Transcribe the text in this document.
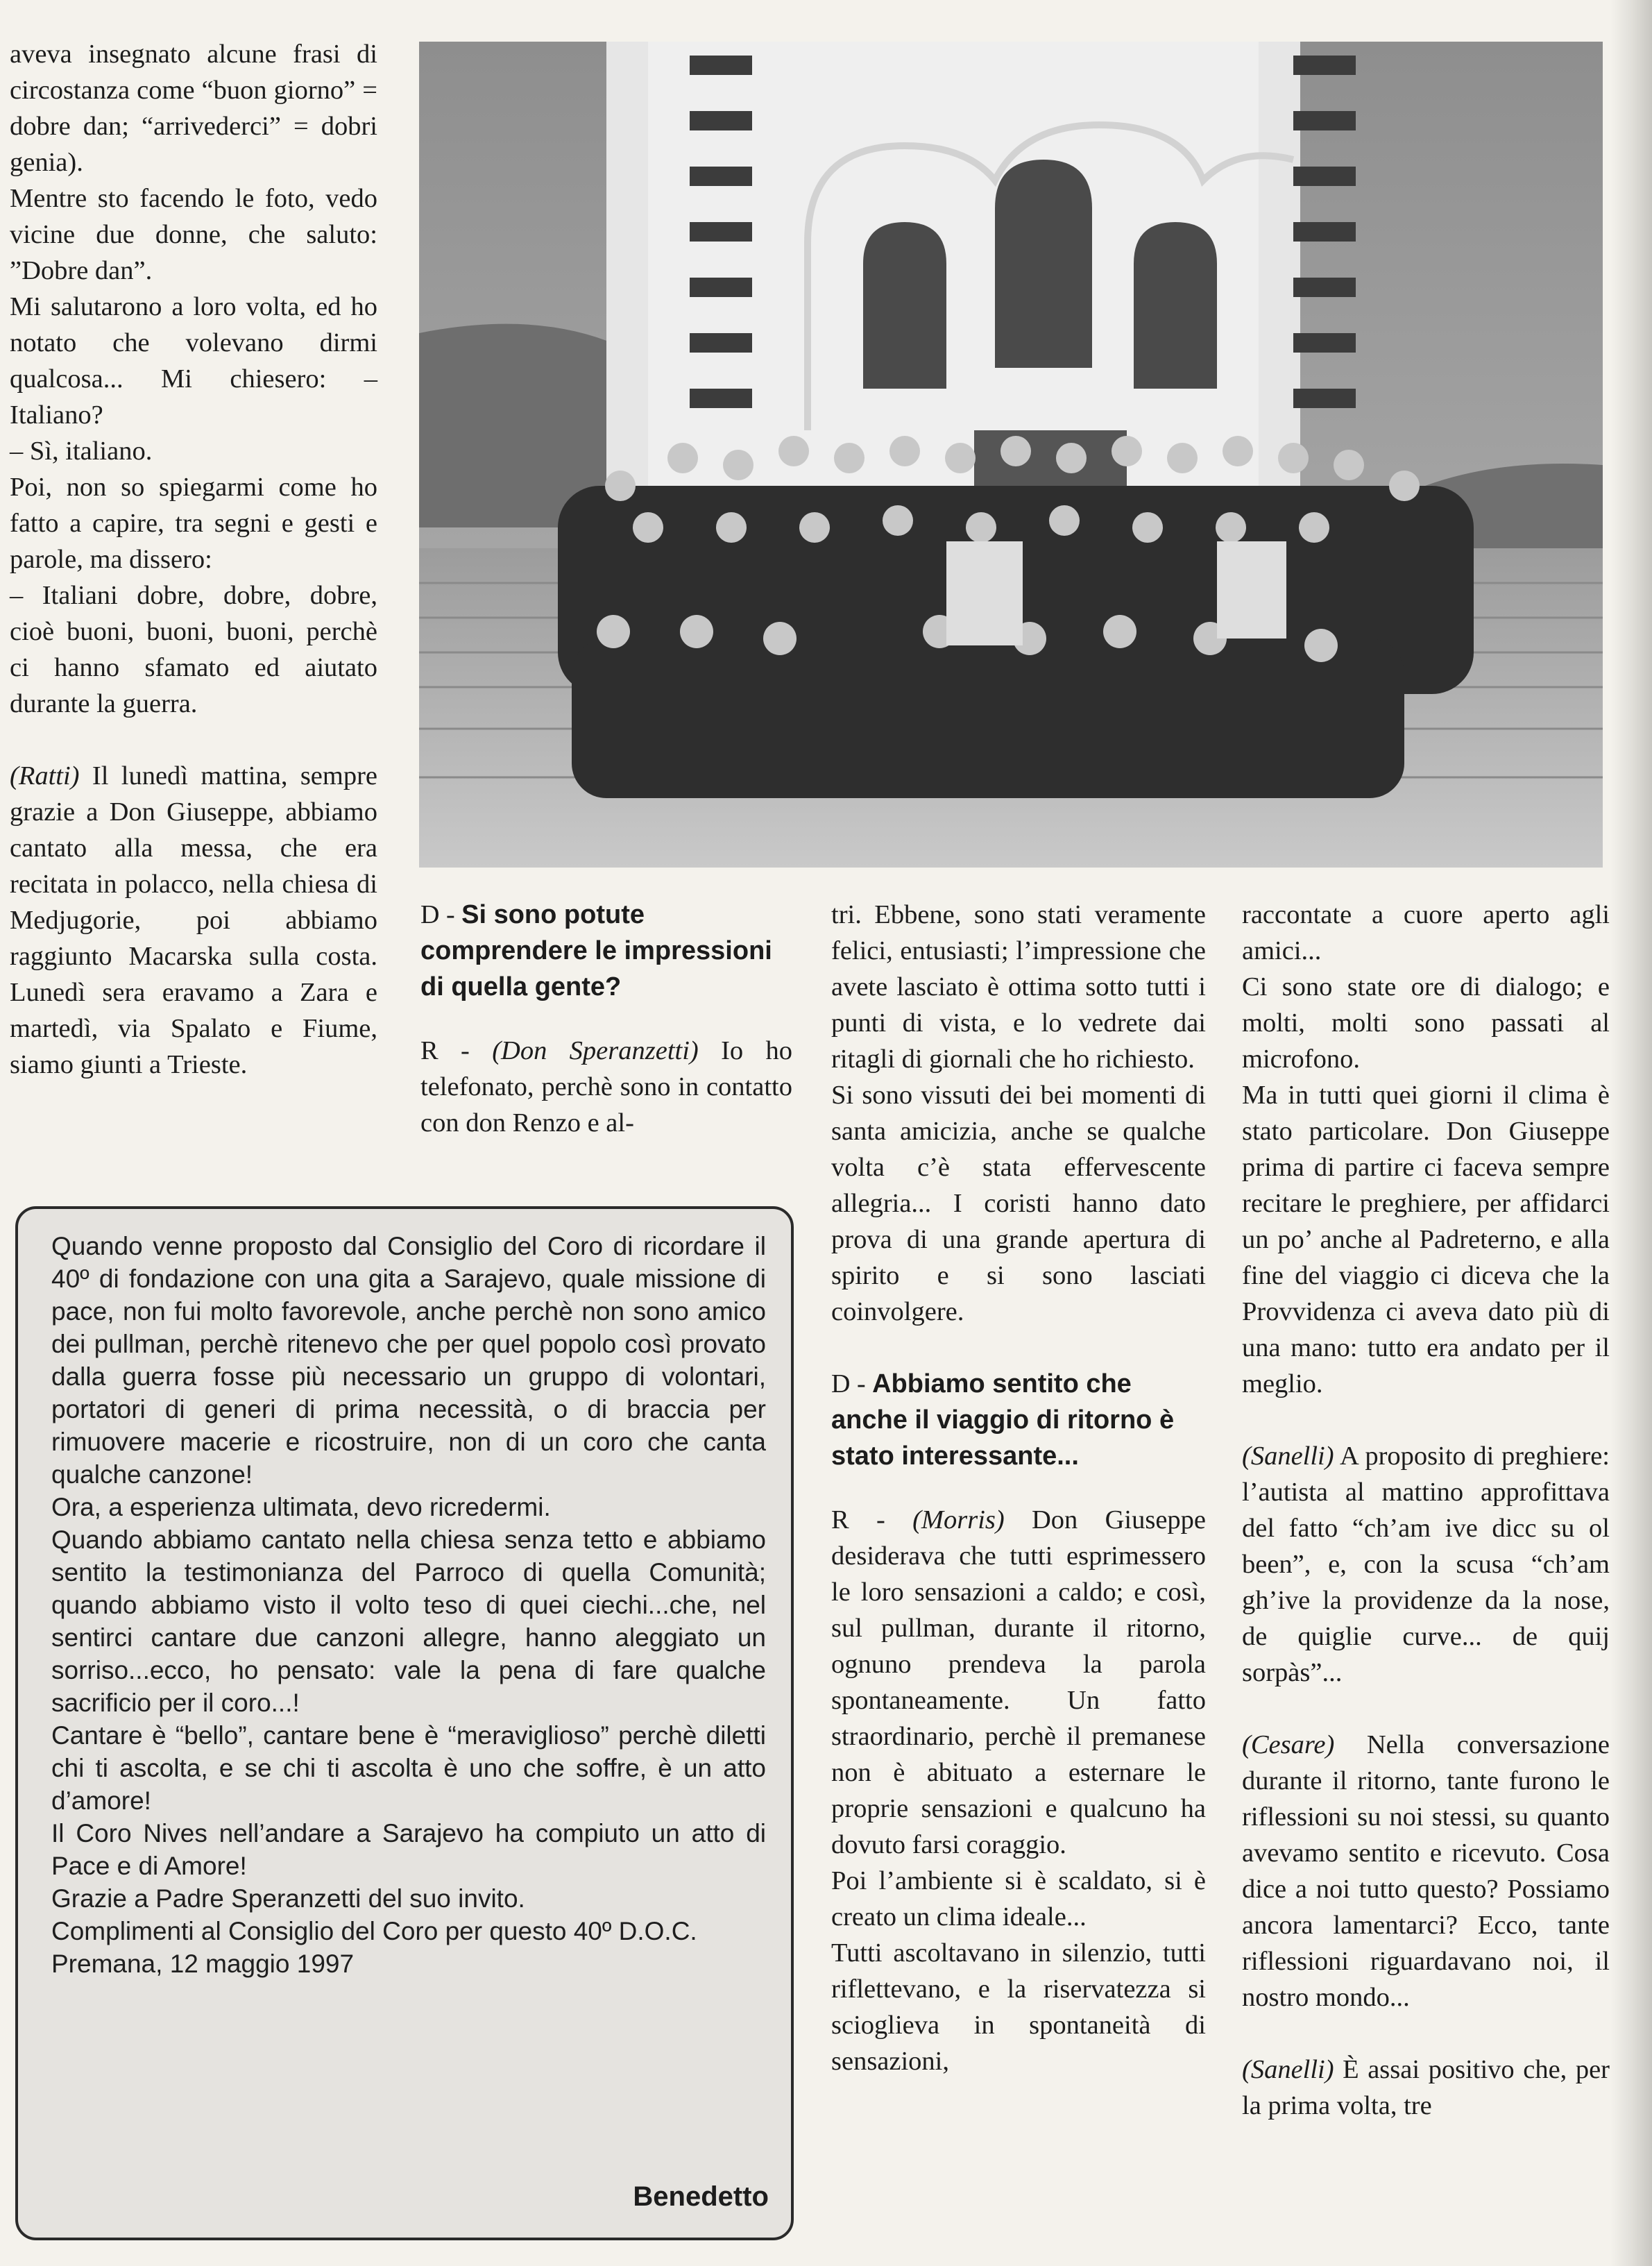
aveva insegnato alcune frasi di circostanza come “buon giorno” = dobre dan; “arrivederci” = dobri genia).

Mentre sto facendo le foto, vedo vicine due donne, che saluto: ”Dobre dan”.

Mi salutarono a loro volta, ed ho notato che volevano dirmi qualcosa... Mi chiesero: – Italiano?

– Sì, italiano.

Poi, non so spiegarmi come ho fatto a capire, tra segni e gesti e parole, ma dissero:

– Italiani dobre, dobre, dobre, cioè buoni, buoni, buoni, perchè ci hanno sfamato ed aiutato durante la guerra.

(Ratti) Il lunedì mattina, sempre grazie a Don Giuseppe, abbiamo cantato alla messa, che era recitata in polacco, nella chiesa di Medjugorie, poi abbiamo raggiunto Macarska sulla costa. Lunedì sera eravamo a Zara e martedì, via Spalato e Fiume, siamo giunti a Trieste.

D - Si sono potute comprendere le impressioni di quella gente?

R - (Don Speranzetti) Io ho telefonato, perchè sono in contatto con don Renzo e al-

tri. Ebbene, sono stati veramente felici, entusiasti; l’impressione che avete lasciato è ottima sotto tutti i punti di vista, e lo vedrete dai ritagli di giornali che ho richiesto.

Si sono vissuti dei bei momenti di santa amicizia, anche se qualche volta c’è stata effervescente allegria... I coristi hanno dato prova di una grande apertura di spirito e si sono lasciati coinvolgere.

D - Abbiamo sentito che anche il viaggio di ritorno è stato interessante...

R - (Morris) Don Giuseppe desiderava che tutti esprimessero le loro sensazioni a caldo; e così, sul pullman, durante il ritorno, ognuno prendeva la parola spontaneamente. Un fatto straordinario, perchè il premanese non è abituato a esternare le proprie sensazioni e qualcuno ha dovuto farsi coraggio.

Poi l’ambiente si è scaldato, si è creato un clima ideale...

Tutti ascoltavano in silenzio, tutti riflettevano, e la riservatezza si scioglieva in spontaneità di sensazioni,

raccontate a cuore aperto agli amici...

Ci sono state ore di dialogo; e molti, molti sono passati al microfono.

Ma in tutti quei giorni il clima è stato particolare. Don Giuseppe prima di partire ci faceva sempre recitare le preghiere, per affidarci un po’ anche al Padreterno, e alla fine del viaggio ci diceva che la Provvidenza ci aveva dato più di una mano: tutto era andato per il meglio.

(Sanelli) A proposito di preghiere: l’autista al mattino approfittava del fatto “ch’am ive dicc su ol been”, e, con la scusa “ch’am gh’ive la providenze da la nose, de quiglie curve... de quij sorpàs”...

(Cesare) Nella conversazione durante il ritorno, tante furono le riflessioni su noi stessi, su quanto avevamo sentito e ricevuto. Cosa dice a noi tutto questo? Possiamo ancora lamentarci? Ecco, tante riflessioni riguardavano noi, il nostro mondo...

(Sanelli) È assai positivo che, per la prima volta, tre

Quando venne proposto dal Consiglio del Coro di ricordare il 40º di fondazione con una gita a Sarajevo, quale missione di pace, non fui molto favorevole, anche perchè non sono amico dei pullman, perchè ritenevo che per quel popolo così provato dalla guerra fosse più necessario un gruppo di volontari, portatori di generi di prima necessità, o di braccia per rimuovere macerie e ricostruire, non di un coro che canta qualche canzone!

Ora, a esperienza ultimata, devo ricredermi.

Quando abbiamo cantato nella chiesa senza tetto e abbiamo sentito la testimonianza del Parroco di quella Comunità; quando abbiamo visto il volto teso di quei ciechi...che, nel sentirci cantare due canzoni allegre, hanno aleggiato un sorriso...ecco, ho pensato: vale la pena di fare qualche sacrificio per il coro...!

Cantare è “bello”, cantare bene è “meraviglioso” perchè diletti chi ti ascolta, e se chi ti ascolta è uno che soffre, è un atto d’amore!

Il Coro Nives nell’andare a Sarajevo ha compiuto un atto di Pace e di Amore!

Grazie a Padre Speranzetti del suo invito.

Complimenti al Consiglio del Coro per questo 40º D.O.C.

Premana, 12 maggio 1997

Benedetto
